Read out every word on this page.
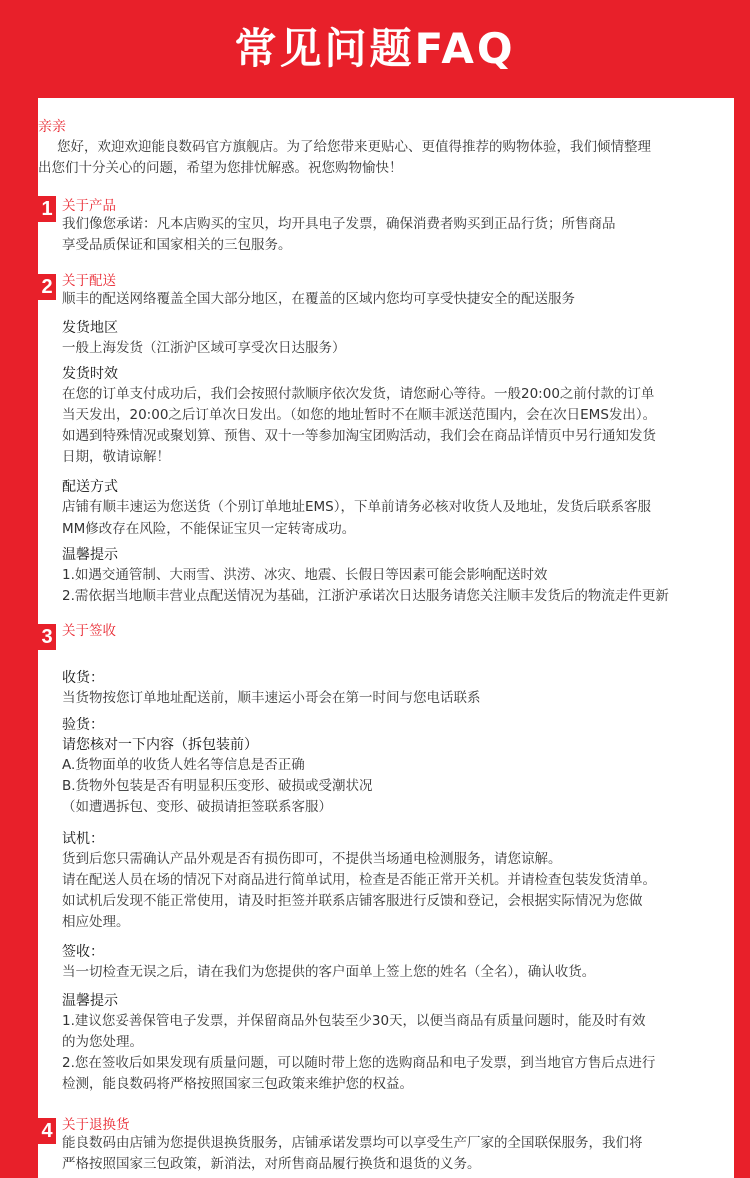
常见问题FAQ
亲亲
您好，欢迎欢迎能良数码官方旗舰店。为了给您带来更贴心、更值得推荐的购物体验，我们倾情整理
出您们十分关心的问题，希望为您排忧解惑。祝您购物愉快！
1 关于产品
我们像您承诺：凡本店购买的宝贝，均开具电子发票，确保消费者购买到正品行货；所售商品
享受品质保证和国家相关的三包服务。
2 关于配送
顺丰的配送网络覆盖全国大部分地区，在覆盖的区域内您均可享受快捷安全的配送服务
发货地区
一般上海发货（江浙沪区域可享受次日达服务）
发货时效
在您的订单支付成功后，我们会按照付款顺序依次发货，请您耐心等待。一般20:00之前付款的订单
当天发出，20:00之后订单次日发出。（如您的地址暂时不在顺丰派送范围内，会在次日EMS发出）。
如遇到特殊情况或聚划算、预售、双十一等参加淘宝团购活动，我们会在商品详情页中另行通知发货
日期，敬请谅解！
配送方式
店铺有顺丰速运为您送货（个别订单地址EMS），下单前请务必核对收货人及地址，发货后联系客服
MM修改存在风险，不能保证宝贝一定转寄成功。
温馨提示
1.如遇交通管制、大雨雪、洪涝、冰灾、地震、长假日等因素可能会影响配送时效
2.需依据当地顺丰营业点配送情况为基础，江浙沪承诺次日达服务请您关注顺丰发货后的物流走件更新
3 关于签收
收货：
当货物按您订单地址配送前，顺丰速运小哥会在第一时间与您电话联系
验货：
请您核对一下内容（拆包装前）
A.货物面单的收货人姓名等信息是否正确
B.货物外包装是否有明显积压变形、破损或受潮状况
（如遭遇拆包、变形、破损请拒签联系客服）
试机：
货到后您只需确认产品外观是否有损伤即可，不提供当场通电检测服务，请您谅解。
请在配送人员在场的情况下对商品进行简单试用，检查是否能正常开关机。并请检查包装发货清单。
如试机后发现不能正常使用，请及时拒签并联系店铺客服进行反馈和登记，会根据实际情况为您做
相应处理。
签收：
当一切检查无误之后，请在我们为您提供的客户面单上签上您的姓名（全名），确认收货。
温馨提示
1.建议您妥善保管电子发票，并保留商品外包装至少30天，以便当商品有质量问题时，能及时有效
的为您处理。
2.您在签收后如果发现有质量问题，可以随时带上您的选购商品和电子发票，到当地官方售后点进行
检测，能良数码将严格按照国家三包政策来维护您的权益。
4 关于退换货
能良数码由店铺为您提供退换货服务，店铺承诺发票均可以享受生产厂家的全国联保服务，我们将
严格按照国家三包政策，新消法，对所售商品履行换货和退货的义务。
